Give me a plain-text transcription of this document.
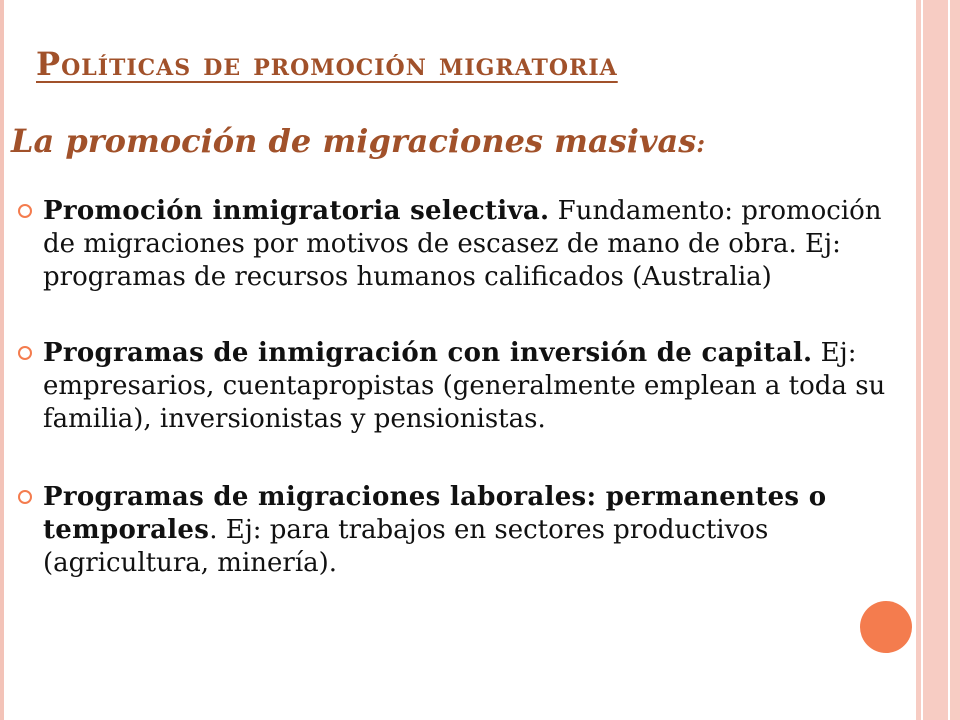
Políticas de promoción migratoria
La promoción de migraciones masivas:
Promoción inmigratoria selectiva. Fundamento: promoción de migraciones por motivos de escasez de mano de obra. Ej: programas de recursos humanos calificados (Australia)
Programas de inmigración con inversión de capital. Ej: empresarios, cuentapropistas (generalmente emplean a toda su familia), inversionistas y pensionistas.
Programas de migraciones laborales: permanentes o temporales. Ej: para trabajos en sectores productivos (agricultura, minería).
